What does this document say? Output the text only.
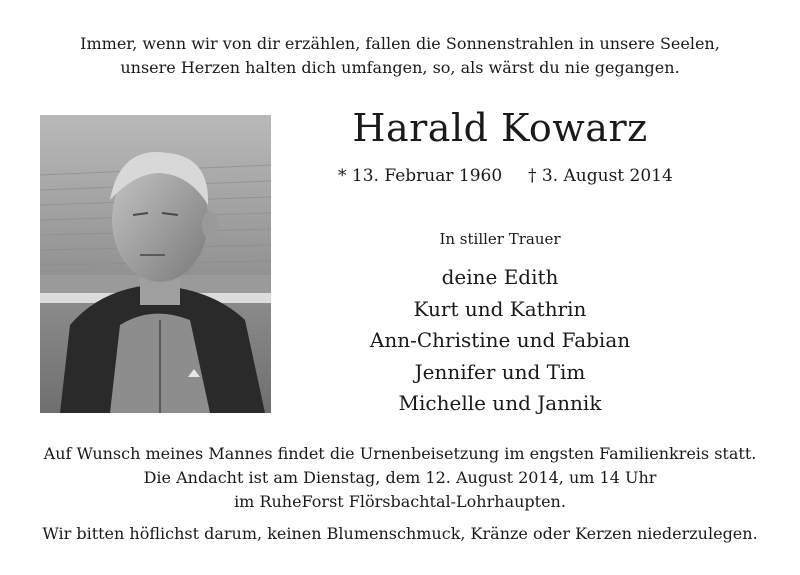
Immer, wenn wir von dir erzählen, fallen die Sonnenstrahlen in unsere Seelen,
unsere Herzen halten dich umfangen, so, als wärst du nie gegangen.
Harald Kowarz
* 13. Februar 1960 † 3. August 2014
In stiller Trauer
deine Edith
Kurt und Kathrin
Ann-Christine und Fabian
Jennifer und Tim
Michelle und Jannik
Auf Wunsch meines Mannes findet die Urnenbeisetzung im engsten Familienkreis statt.
Die Andacht ist am Dienstag, dem 12. August 2014, um 14 Uhr
im RuheForst Flörsbachtal-Lohrhaupten.
Wir bitten höflichst darum, keinen Blumenschmuck, Kränze oder Kerzen niederzulegen.
